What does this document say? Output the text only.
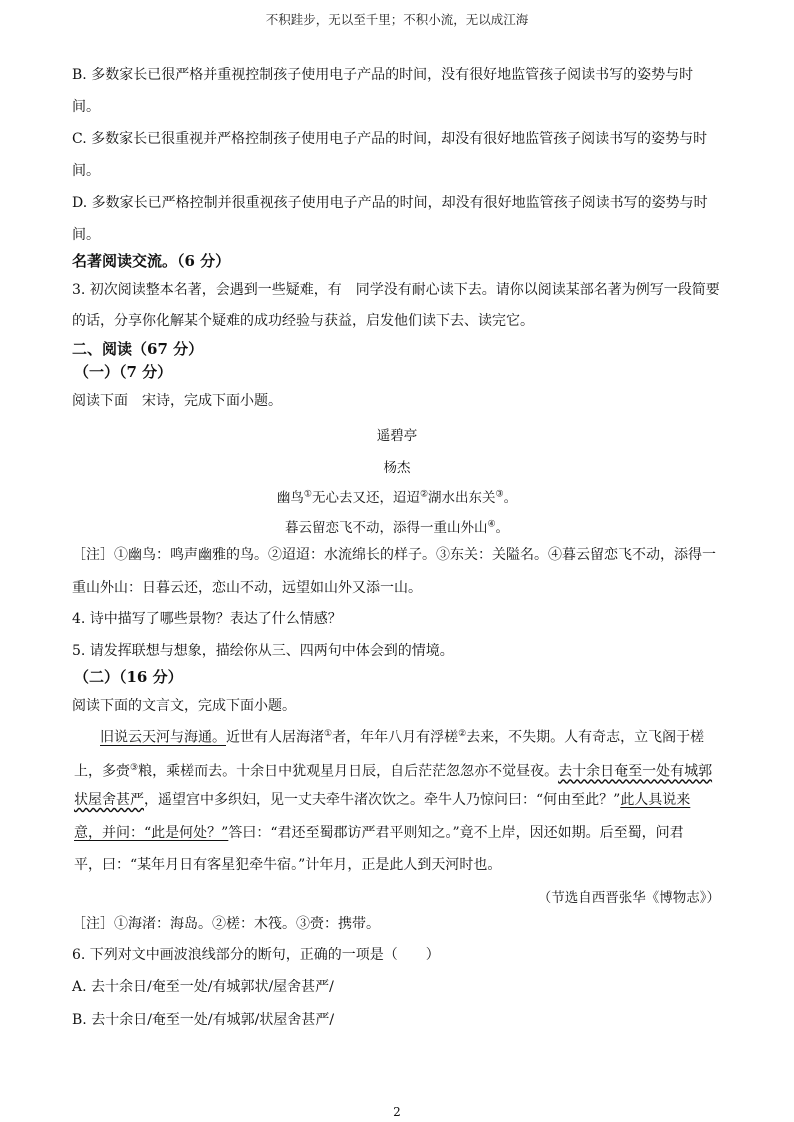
不积跬步，无以至千里；不积小流，无以成江海
B. 多数家长已很严格并重视控制孩子使用电子产品的时间，没有很好地监管孩子阅读书写的姿势与时
间。
C. 多数家长已很重视并严格控制孩子使用电子产品的时间，却没有很好地监管孩子阅读书写的姿势与时
间。
D. 多数家长已严格控制并很重视孩子使用电子产品的时间，却没有很好地监管孩子阅读书写的姿势与时
间。
名著阅读交流。（6 分）
3. 初次阅读整本名著，会遇到一些疑难，有　同学没有耐心读下去。请你以阅读某部名著为例写一段简要
的话，分享你化解某个疑难的成功经验与获益，启发他们读下去、读完它。
二、阅读（67 分）
（一）（7 分）
阅读下面　宋诗，完成下面小题。
遥碧亭
杨杰
幽鸟①无心去又还，迢迢②湖水出东关③。
暮云留恋飞不动，添得一重山外山④。
［注］①幽鸟：鸣声幽雅的鸟。②迢迢：水流绵长的样子。③东关：关隘名。④暮云留恋飞不动，添得一
重山外山：日暮云还，恋山不动，远望如山外又添一山。
4. 诗中描写了哪些景物？表达了什么情感？
5. 请发挥联想与想象，描绘你从三、四两句中体会到的情境。
（二）（16 分）
阅读下面的文言文，完成下面小题。
旧说云天河与海通。近世有人居海渚①者，年年八月有浮槎②去来，不失期。人有奇志，立飞阁于槎
上，多赍③粮，乘槎而去。十余日中犹观星月日辰，自后茫茫忽忽亦不觉昼夜。去十余日奄至一处有城郭
状屋舍甚严，遥望宫中多织妇，见一丈夫牵牛渚次饮之。牵牛人乃惊问曰：“何由至此？”此人具说来
意，并问：“此是何处？”答曰：“君还至蜀郡访严君平则知之。”竟不上岸，因还如期。后至蜀，问君
平，曰：“某年月日有客星犯牵牛宿。”计年月，正是此人到天河时也。
（节选自西晋张华《博物志》）
［注］①海渚：海岛。②槎：木筏。③赍：携带。
6. 下列对文中画波浪线部分的断句，正确的一项是（　　）
A. 去十余日/奄至一处/有城郭状/屋舍甚严/
B. 去十余日/奄至一处/有城郭/状屋舍甚严/
2
